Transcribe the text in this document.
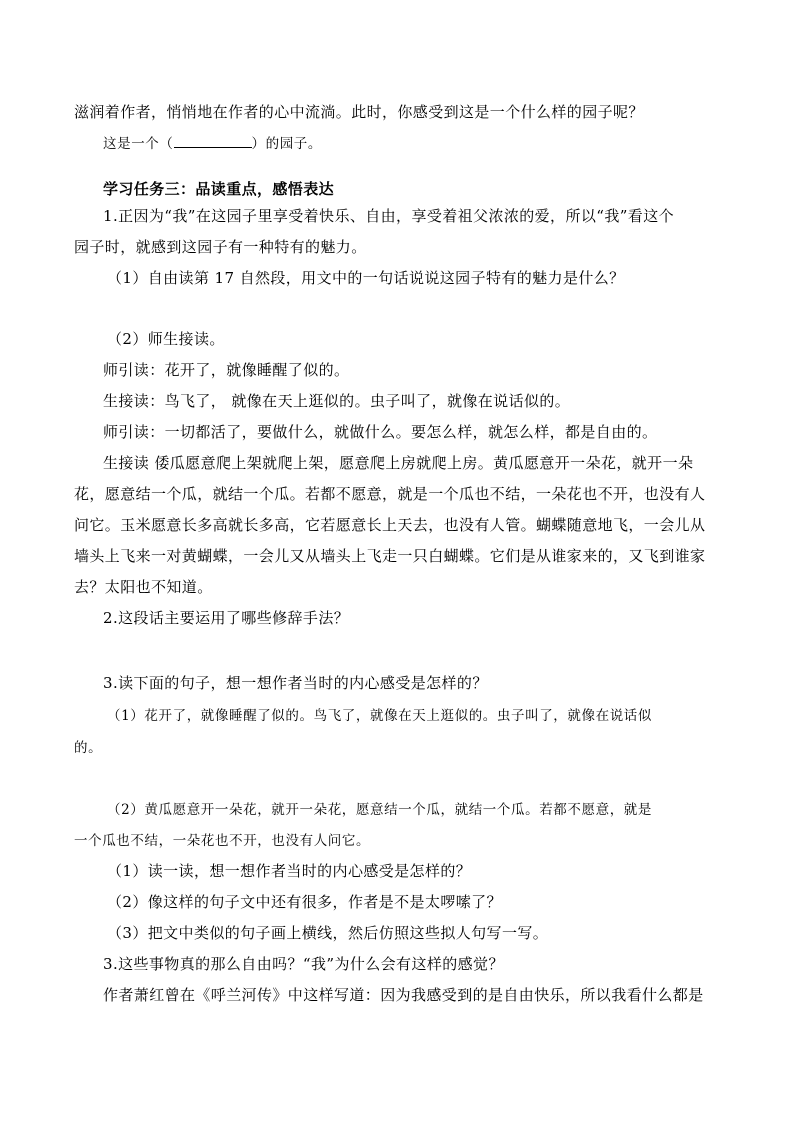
滋润着作者，悄悄地在作者的心中流淌。此时，你感受到这是一个什么样的园子呢？
这是一个（	）的园子。
学习任务三：品读重点，感悟表达
1.正因为“我”在这园子里享受着快乐、自由，享受着祖父浓浓的爱，所以“我”看这个
园子时，就感到这园子有一种特有的魅力。
（1）自由读第 17 自然段，用文中的一句话说说这园子特有的魅力是什么？
（2）师生接读。
师引读：花开了，就像睡醒了似的。
生接读：鸟飞了， 就像在天上逛似的。虫子叫了，就像在说话似的。
师引读：一切都活了，要做什么，就做什么。要怎么样，就怎么样，都是自由的。
生接读 倭瓜愿意爬上架就爬上架，愿意爬上房就爬上房。黄瓜愿意开一朵花，就开一朵
花，愿意结一个瓜，就结一个瓜。若都不愿意，就是一个瓜也不结，一朵花也不开，也没有人
问它。玉米愿意长多高就长多高，它若愿意长上天去，也没有人管。蝴蝶随意地飞，一会儿从
墙头上飞来一对黄蝴蝶，一会儿又从墙头上飞走一只白蝴蝶。它们是从谁家来的，又飞到谁家
去？太阳也不知道。
2.这段话主要运用了哪些修辞手法？
3.读下面的句子，想一想作者当时的内心感受是怎样的？
（1）花开了，就像睡醒了似的。鸟飞了，就像在天上逛似的。虫子叫了，就像在说话似
的。
（2）黄瓜愿意开一朵花，就开一朵花，愿意结一个瓜，就结一个瓜。若都不愿意，就是
一个瓜也不结，一朵花也不开，也没有人问它。
（1）读一读，想一想作者当时的内心感受是怎样的？
（2）像这样的句子文中还有很多，作者是不是太啰嗦了？
（3）把文中类似的句子画上横线，然后仿照这些拟人句写一写。
3.这些事物真的那么自由吗？“我”为什么会有这样的感觉？
作者萧红曾在《呼兰河传》中这样写道：因为我感受到的是自由快乐，所以我看什么都是
